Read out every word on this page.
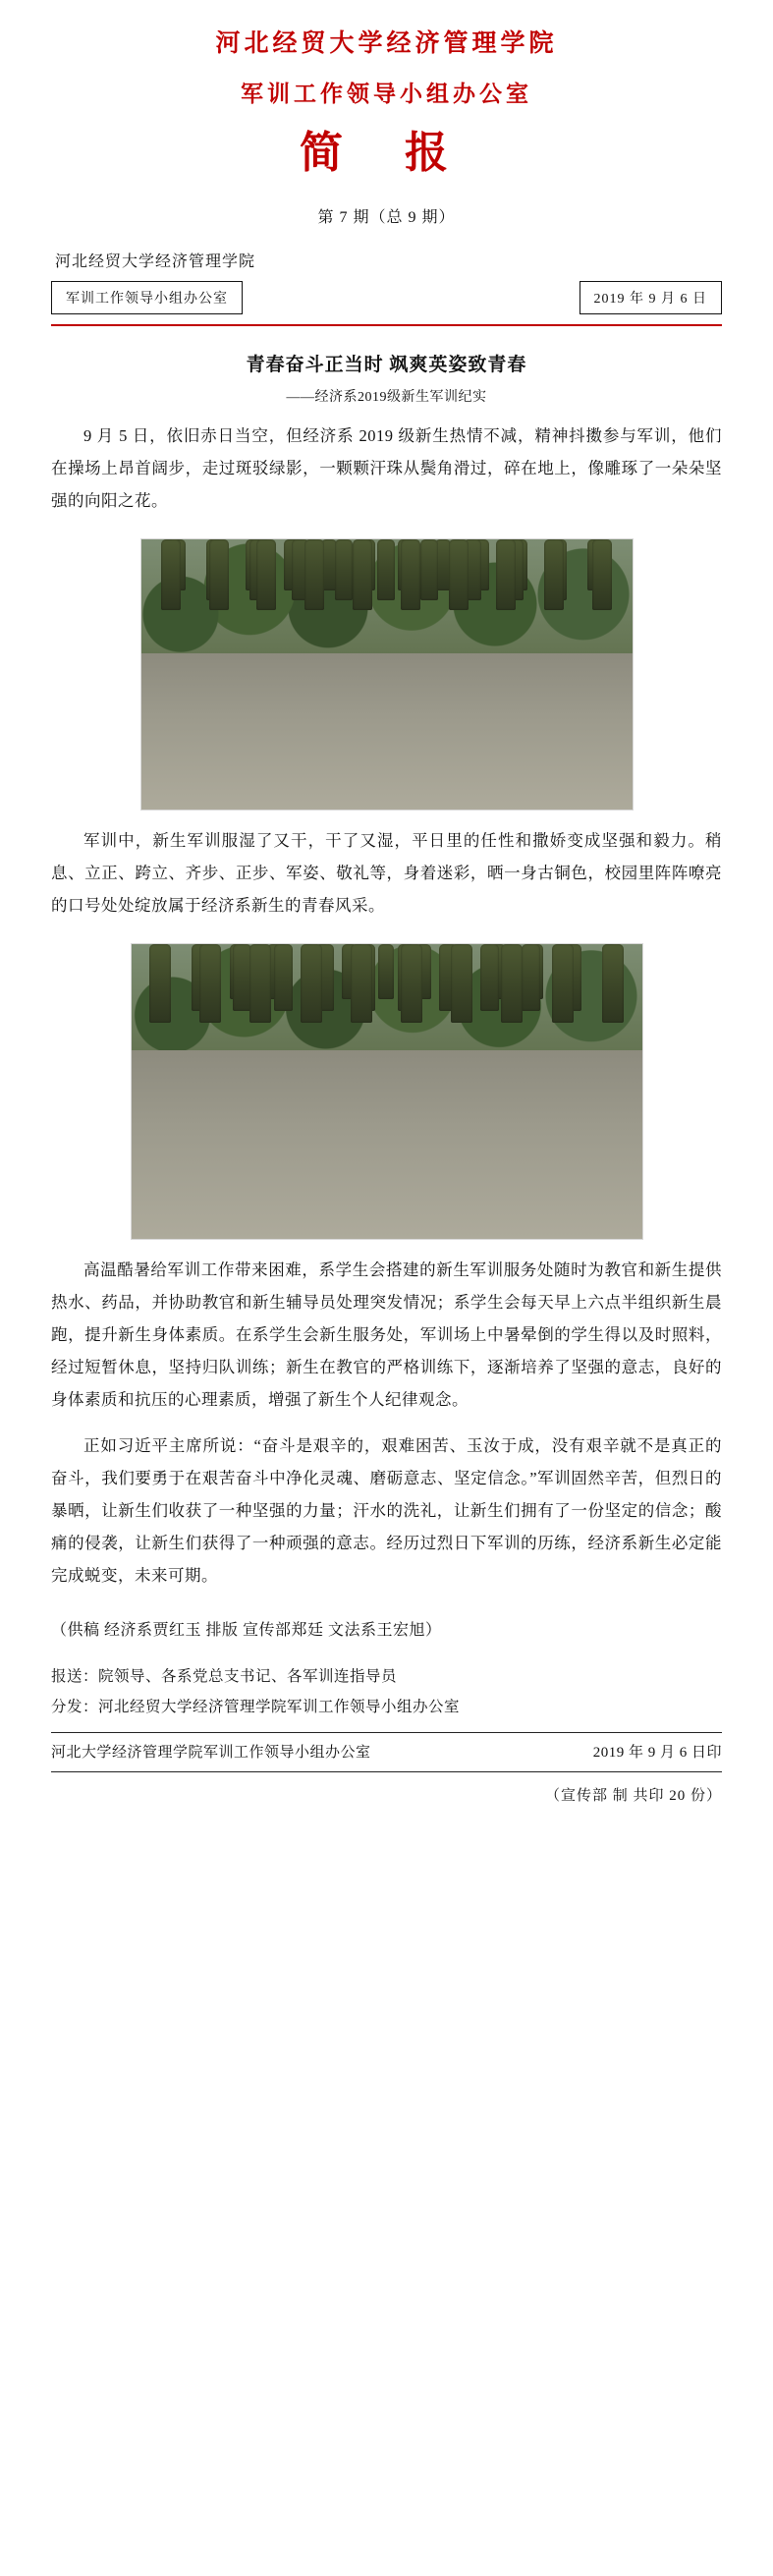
河北经贸大学经济管理学院
军训工作领导小组办公室
简 报
第 7 期（总 9 期）
河北经贸大学经济管理学院
军训工作领导小组办公室	2019 年 9 月 6 日
青春奋斗正当时 飒爽英姿致青春
——经济系2019级新生军训纪实

9 月 5 日，依旧赤日当空，但经济系 2019 级新生热情不减，精神抖擞参与军训，他们在操场上昂首阔步，走过斑驳绿影，一颗颗汗珠从鬓角滑过，碎在地上，像雕琢了一朵朵坚强的向阳之花。

军训中，新生军训服湿了又干，干了又湿，平日里的任性和撒娇变成坚强和毅力。稍息、立正、跨立、齐步、正步、军姿、敬礼等，身着迷彩，晒一身古铜色，校园里阵阵嘹亮的口号处处绽放属于经济系新生的青春风采。

高温酷暑给军训工作带来困难，系学生会搭建的新生军训服务处随时为教官和新生提供热水、药品，并协助教官和新生辅导员处理突发情况；系学生会每天早上六点半组织新生晨跑，提升新生身体素质。在系学生会新生服务处，军训场上中暑晕倒的学生得以及时照料，经过短暂休息，坚持归队训练；新生在教官的严格训练下，逐渐培养了坚强的意志，良好的身体素质和抗压的心理素质，增强了新生个人纪律观念。

正如习近平主席所说：“奋斗是艰辛的，艰难困苦、玉汝于成，没有艰辛就不是真正的奋斗，我们要勇于在艰苦奋斗中净化灵魂、磨砺意志、坚定信念。”军训固然辛苦，但烈日的暴晒，让新生们收获了一种坚强的力量；汗水的洗礼，让新生们拥有了一份坚定的信念；酸痛的侵袭，让新生们获得了一种顽强的意志。经历过烈日下军训的历练，经济系新生必定能完成蜕变，未来可期。

（供稿 经济系贾红玉 排版 宣传部郑廷 文法系王宏旭）
报送： 院领导、各系党总支书记、各军训连指导员
分发： 河北经贸大学经济管理学院军训工作领导小组办公室
河北大学经济管理学院军训工作领导小组办公室	2019 年 9 月 6 日印
（宣传部 制 共印 20 份）
